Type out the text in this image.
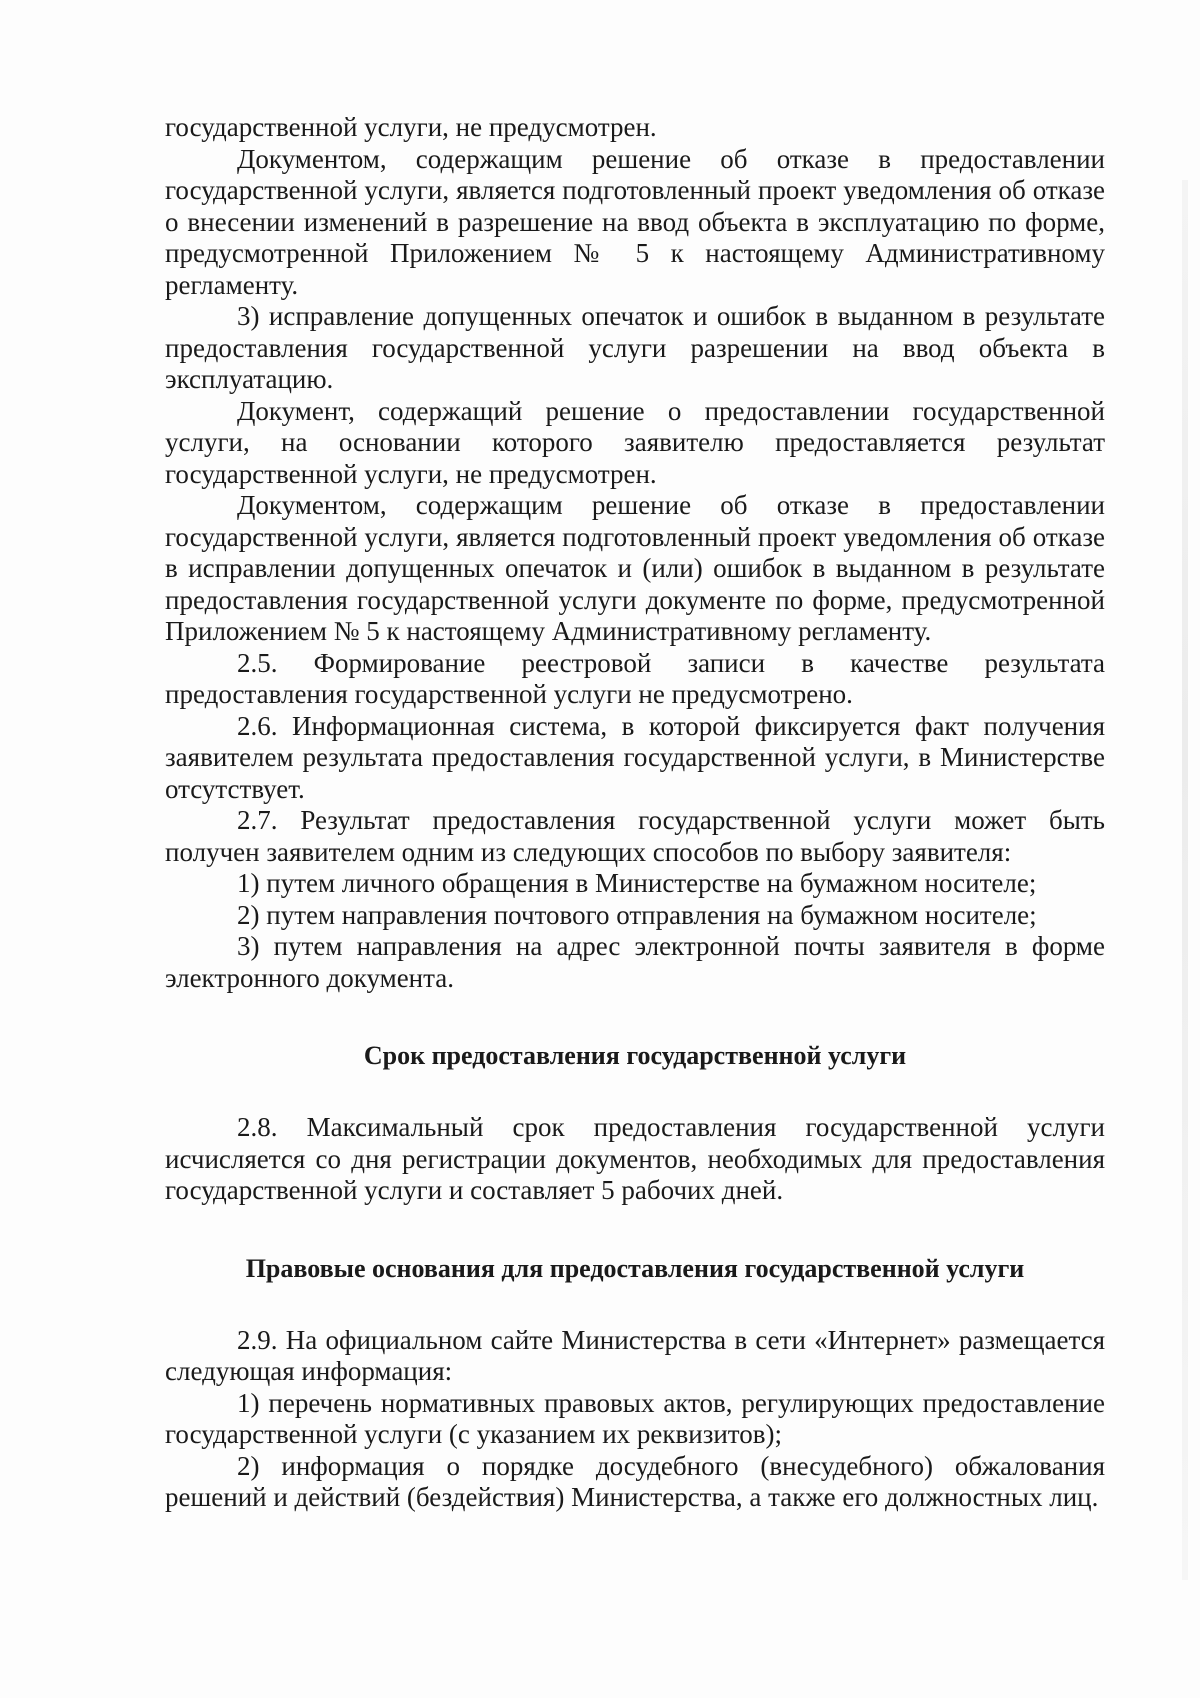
государственной услуги, не предусмотрен.

Документом, содержащим решение об отказе в предоставлении государственной услуги, является подготовленный проект уведомления об отказе о внесении изменений в разрешение на ввод объекта в эксплуатацию по форме, предусмотренной Приложением № 5 к настоящему Административному регламенту.

3) исправление допущенных опечаток и ошибок в выданном в результате предоставления государственной услуги разрешении на ввод объекта в эксплуатацию.

Документ, содержащий решение о предоставлении государственной услуги, на основании которого заявителю предоставляется результат государственной услуги, не предусмотрен.

Документом, содержащим решение об отказе в предоставлении государственной услуги, является подготовленный проект уведомления об отказе в исправлении допущенных опечаток и (или) ошибок в выданном в результате предоставления государственной услуги документе по форме, предусмотренной Приложением № 5 к настоящему Административному регламенту.

2.5. Формирование реестровой записи в качестве результата предоставления государственной услуги не предусмотрено.

2.6. Информационная система, в которой фиксируется факт получения заявителем результата предоставления государственной услуги, в Министерстве отсутствует.

2.7. Результат предоставления государственной услуги может быть получен заявителем одним из следующих способов по выбору заявителя:

1) путем личного обращения в Министерстве на бумажном носителе;

2) путем направления почтового отправления на бумажном носителе;

3) путем направления на адрес электронной почты заявителя в форме электронного документа.

Срок предоставления государственной услуги

2.8. Максимальный срок предоставления государственной услуги исчисляется со дня регистрации документов, необходимых для предоставления государственной услуги и составляет 5 рабочих дней.

Правовые основания для предоставления государственной услуги

2.9. На официальном сайте Министерства в сети «Интернет» размещается следующая информация:

1) перечень нормативных правовых актов, регулирующих предоставление государственной услуги (с указанием их реквизитов);

2) информация о порядке досудебного (внесудебного) обжалования решений и действий (бездействия) Министерства, а также его должностных лиц.
